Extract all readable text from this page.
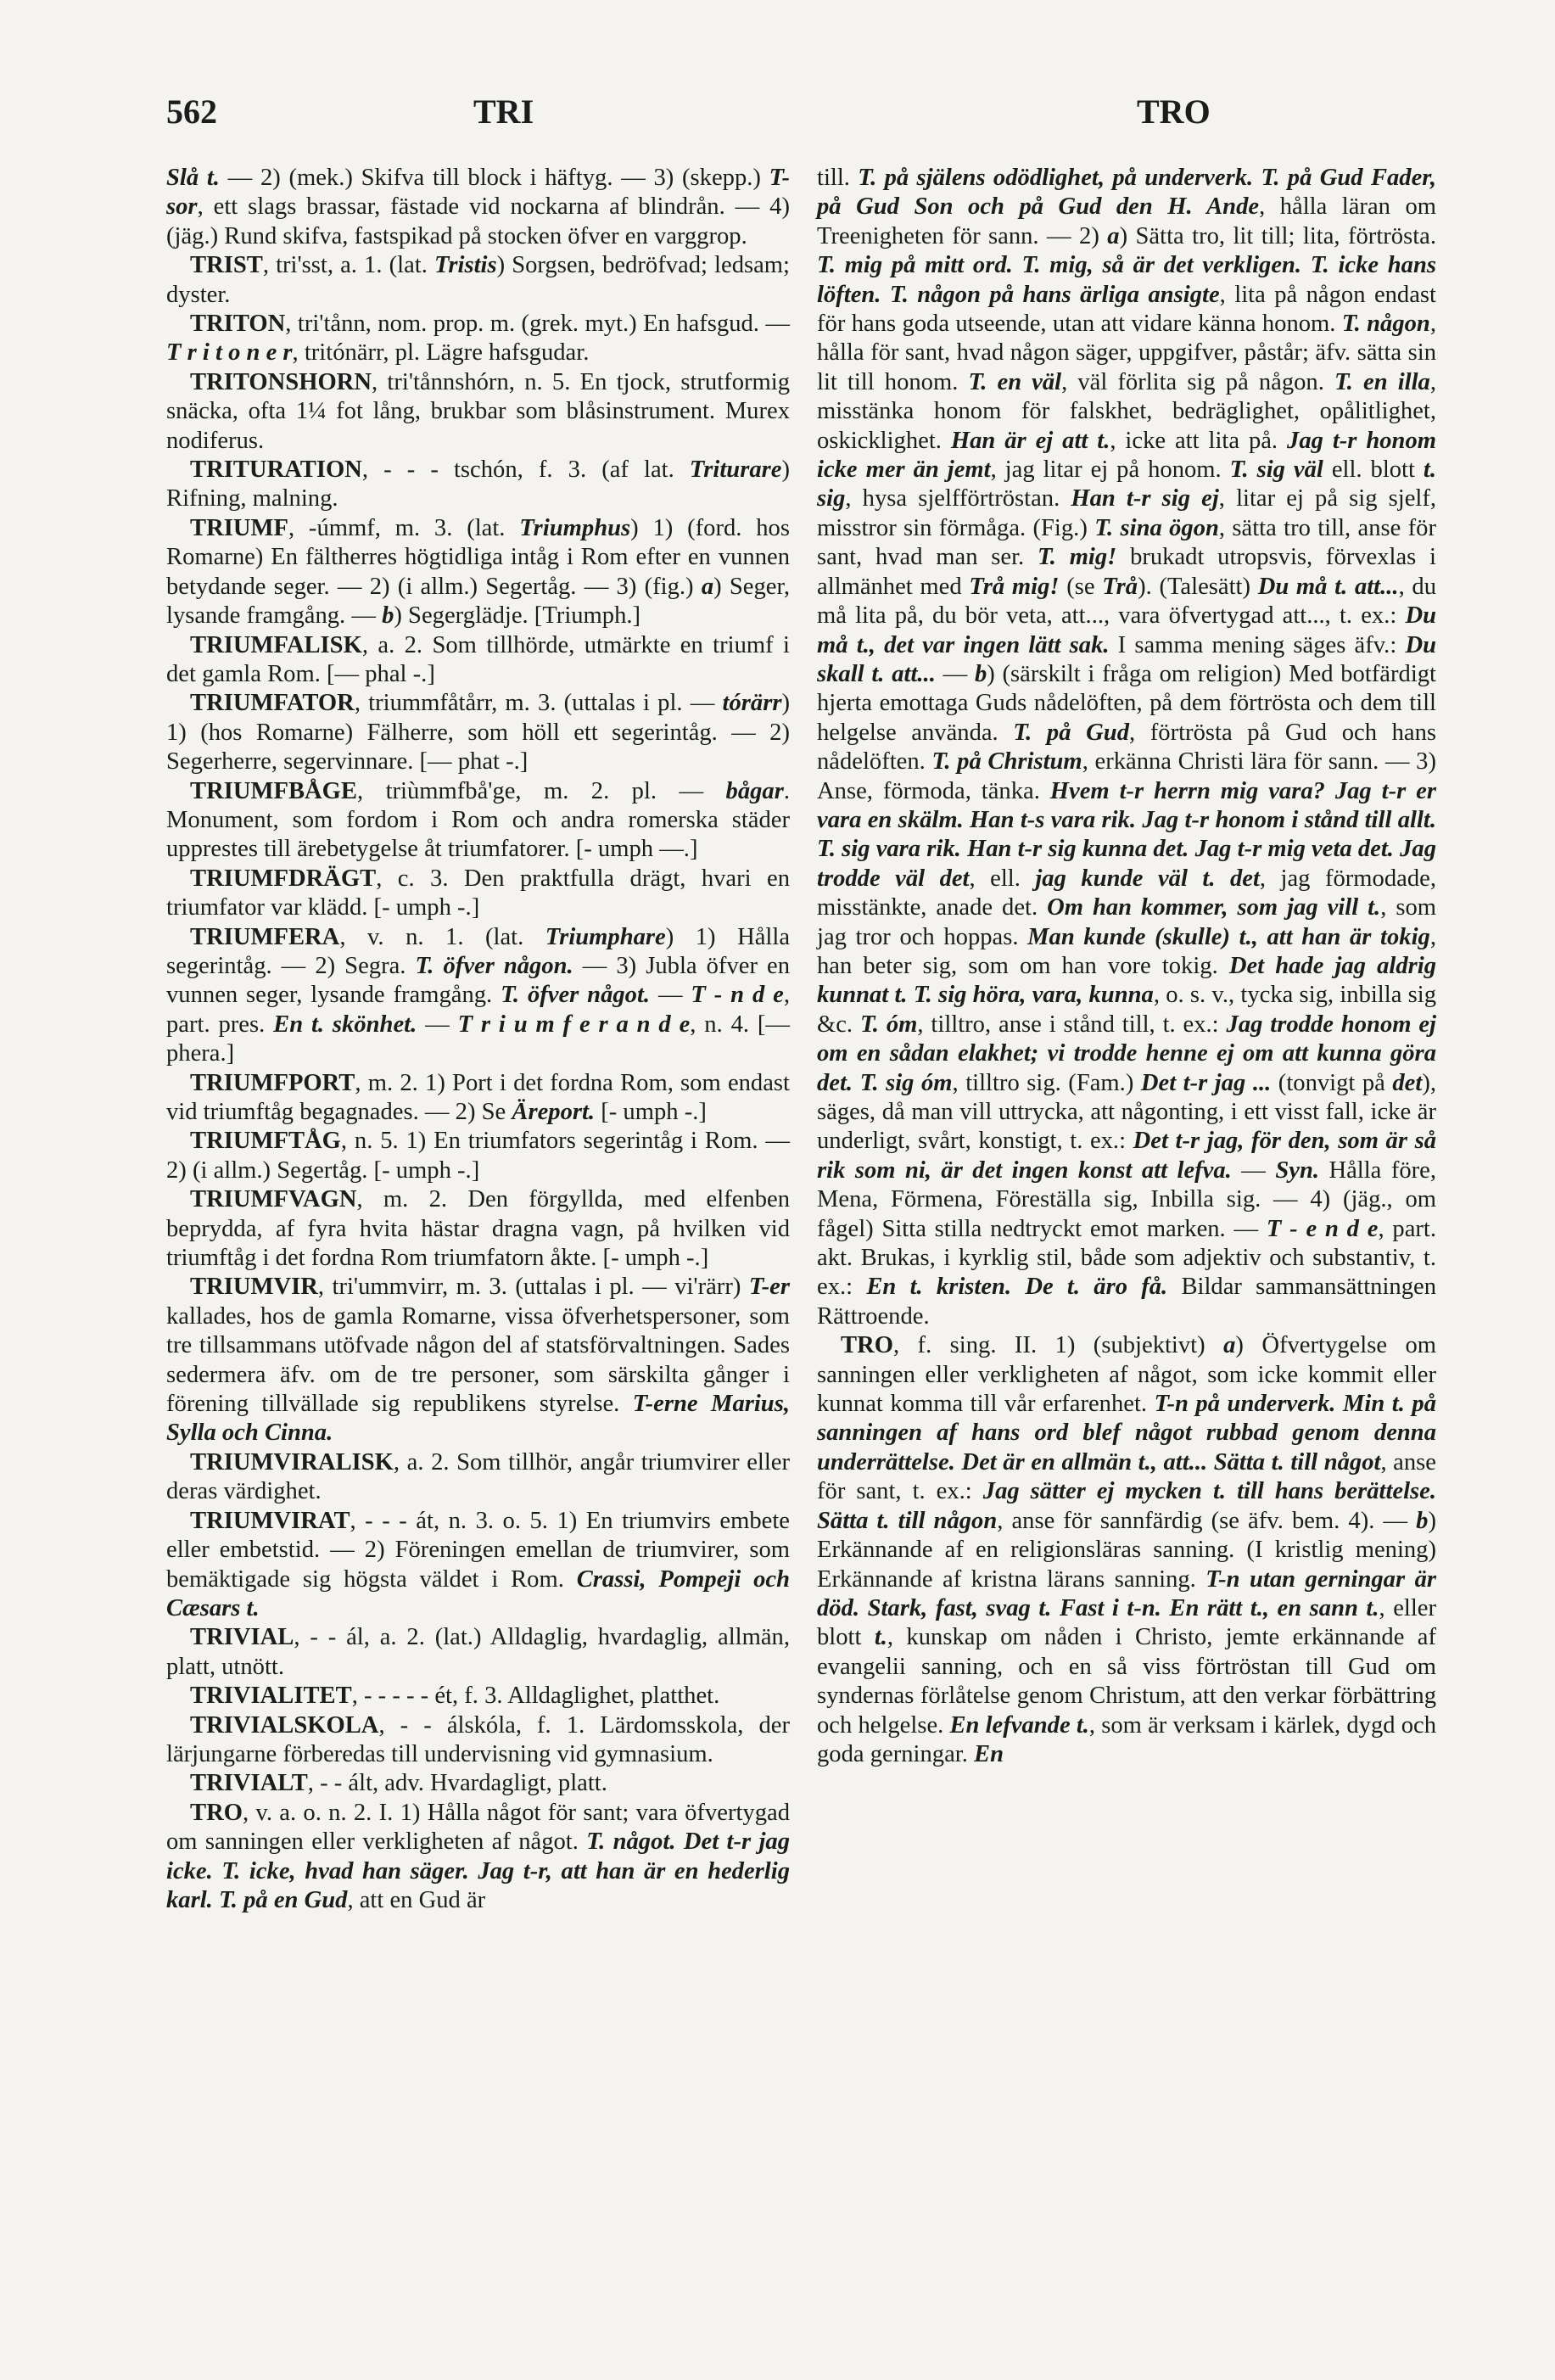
562	TRI	TRO

Slå t. — 2) (mek.) Skifva till block i häftyg. — 3) (skepp.) T-sor, ett slags brassar, fästade vid nockarna af blindrån. — 4) (jäg.) Rund skifva, fastspikad på stocken öfver en varggrop.

TRIST, tri'sst, a. 1. (lat. Tristis) Sorgsen, bedröfvad; ledsam; dyster.

TRITON, tri'tånn, nom. prop. m. (grek. myt.) En hafsgud. — T r i t o n e r, tritónärr, pl. Lägre hafsgudar.

TRITONSHORN, tri'tånnshórn, n. 5. En tjock, strutformig snäcka, ofta 1¼ fot lång, brukbar som blåsinstrument. Murex nodiferus.

TRITURATION, - - - tschón, f. 3. (af lat. Triturare) Rifning, malning.

TRIUMF, -úmmf, m. 3. (lat. Triumphus) 1) (ford. hos Romarne) En fältherres högtidliga intåg i Rom efter en vunnen betydande seger. — 2) (i allm.) Segertåg. — 3) (fig.) a) Seger, lysande framgång. — b) Segerglädje. [Triumph.]

TRIUMFALISK, a. 2. Som tillhörde, utmärkte en triumf i det gamla Rom. [— phal -.]

TRIUMFATOR, triummfåtårr, m. 3. (uttalas i pl. — tórärr) 1) (hos Romarne) Fälherre, som höll ett segerintåg. — 2) Segerherre, segervinnare. [— phat -.]

TRIUMFBÅGE, triùmmfbå'ge, m. 2. pl. — bågar. Monument, som fordom i Rom och andra romerska städer upprestes till ärebetygelse åt triumfatorer. [- umph —.]

TRIUMFDRÄGT, c. 3. Den praktfulla drägt, hvari en triumfator var klädd. [- umph -.]

TRIUMFERA, v. n. 1. (lat. Triumphare) 1) Hålla segerintåg. — 2) Segra. T. öfver någon. — 3) Jubla öfver en vunnen seger, lysande framgång. T. öfver något. — T - n d e, part. pres. En t. skönhet. — T r i u m f e r a n d e, n. 4. [— phera.]

TRIUMFPORT, m. 2. 1) Port i det fordna Rom, som endast vid triumftåg begagnades. — 2) Se Äreport. [- umph -.]

TRIUMFTÅG, n. 5. 1) En triumfators segerintåg i Rom. — 2) (i allm.) Segertåg. [- umph -.]

TRIUMFVAGN, m. 2. Den förgyllda, med elfenben beprydda, af fyra hvita hästar dragna vagn, på hvilken vid triumftåg i det fordna Rom triumfatorn åkte. [- umph -.]

TRIUMVIR, tri'ummvirr, m. 3. (uttalas i pl. — vi'rärr) T-er kallades, hos de gamla Romarne, vissa öfverhetspersoner, som tre tillsammans utöfvade någon del af statsförvaltningen. Sades sedermera äfv. om de tre personer, som särskilta gånger i förening tillvällade sig republikens styrelse. T-erne Marius, Sylla och Cinna.

TRIUMVIRALISK, a. 2. Som tillhör, angår triumvirer eller deras värdighet.

TRIUMVIRAT, - - - át, n. 3. o. 5. 1) En triumvirs embete eller embetstid. — 2) Föreningen emellan de triumvirer, som bemäktigade sig högsta väldet i Rom. Crassi, Pompeji och Cæsars t.

TRIVIAL, - - ál, a. 2. (lat.) Alldaglig, hvardaglig, allmän, platt, utnött.

TRIVIALITET, - - - - - ét, f. 3. Alldaglighet, platthet.

TRIVIALSKOLA, - - álskóla, f. 1. Lärdomsskola, der lärjungarne förberedas till undervisning vid gymnasium.

TRIVIALT, - - ált, adv. Hvardagligt, platt.

TRO, v. a. o. n. 2. I. 1) Hålla något för sant; vara öfvertygad om sanningen eller verkligheten af något. T. något. Det t-r jag icke. T. icke, hvad han säger. Jag t-r, att han är en hederlig karl. T. på en Gud, att en Gud är

till. T. på själens odödlighet, på underverk. T. på Gud Fader, på Gud Son och på Gud den H. Ande, hålla läran om Treenigheten för sann. — 2) a) Sätta tro, lit till; lita, förtrösta. T. mig på mitt ord. T. mig, så är det verkligen. T. icke hans löften. T. någon på hans ärliga ansigte, lita på någon endast för hans goda utseende, utan att vidare känna honom. T. någon, hålla för sant, hvad någon säger, uppgifver, påstår; äfv. sätta sin lit till honom. T. en väl, väl förlita sig på någon. T. en illa, misstänka honom för falskhet, bedräglighet, opålitlighet, oskicklighet. Han är ej att t., icke att lita på. Jag t-r honom icke mer än jemt, jag litar ej på honom. T. sig väl ell. blott t. sig, hysa sjelfförtröstan. Han t-r sig ej, litar ej på sig sjelf, misstror sin förmåga. (Fig.) T. sina ögon, sätta tro till, anse för sant, hvad man ser. T. mig! brukadt utropsvis, förvexlas i allmänhet med Trå mig! (se Trå). (Talesätt) Du må t. att..., du må lita på, du bör veta, att..., vara öfvertygad att..., t. ex.: Du må t., det var ingen lätt sak. I samma mening säges äfv.: Du skall t. att... — b) (särskilt i fråga om religion) Med botfärdigt hjerta emottaga Guds nådelöften, på dem förtrösta och dem till helgelse använda. T. på Gud, förtrösta på Gud och hans nådelöften. T. på Christum, erkänna Christi lära för sann. — 3) Anse, förmoda, tänka. Hvem t-r herrn mig vara? Jag t-r er vara en skälm. Han t-s vara rik. Jag t-r honom i stånd till allt. T. sig vara rik. Han t-r sig kunna det. Jag t-r mig veta det. Jag trodde väl det, ell. jag kunde väl t. det, jag förmodade, misstänkte, anade det. Om han kommer, som jag vill t., som jag tror och hoppas. Man kunde (skulle) t., att han är tokig, han beter sig, som om han vore tokig. Det hade jag aldrig kunnat t. T. sig höra, vara, kunna, o. s. v., tycka sig, inbilla sig &c. T. óm, tilltro, anse i stånd till, t. ex.: Jag trodde honom ej om en sådan elakhet; vi trodde henne ej om att kunna göra det. T. sig óm, tilltro sig. (Fam.) Det t-r jag ... (tonvigt på det), säges, då man vill uttrycka, att någonting, i ett visst fall, icke är underligt, svårt, konstigt, t. ex.: Det t-r jag, för den, som är så rik som ni, är det ingen konst att lefva. — Syn. Hålla före, Mena, Förmena, Föreställa sig, Inbilla sig. — 4) (jäg., om fågel) Sitta stilla nedtryckt emot marken. — T - e n d e, part. akt. Brukas, i kyrklig stil, både som adjektiv och substantiv, t. ex.: En t. kristen. De t. äro få. Bildar sammansättningen Rättroende.

TRO, f. sing. II. 1) (subjektivt) a) Öfvertygelse om sanningen eller verkligheten af något, som icke kommit eller kunnat komma till vår erfarenhet. T-n på underverk. Min t. på sanningen af hans ord blef något rubbad genom denna underrättelse. Det är en allmän t., att... Sätta t. till något, anse för sant, t. ex.: Jag sätter ej mycken t. till hans berättelse. Sätta t. till någon, anse för sannfärdig (se äfv. bem. 4). — b) Erkännande af en religionsläras sanning. (I kristlig mening) Erkännande af kristna lärans sanning. T-n utan gerningar är död. Stark, fast, svag t. Fast i t-n. En rätt t., en sann t., eller blott t., kunskap om nåden i Christo, jemte erkännande af evangelii sanning, och en så viss förtröstan till Gud om syndernas förlåtelse genom Christum, att den verkar förbättring och helgelse. En lefvande t., som är verksam i kärlek, dygd och goda gerningar. En
